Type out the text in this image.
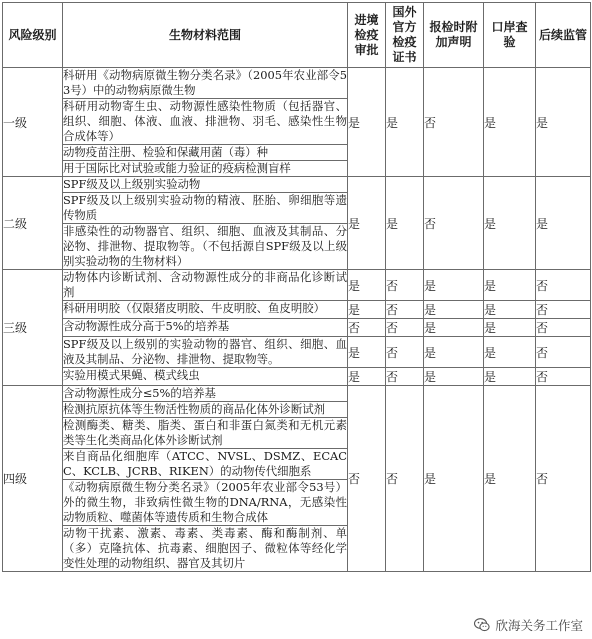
风险级别	生物材料范围	进境检疫审批	国外官方检疫证书	报检时附加声明	口岸查验	后续监管
一级	科研用《动物病原微生物分类名录》（2005年农业部令53号）中的动物病原微生物	是	是	否	是	是
	科研用动物寄生虫、动物源性感染性物质（包括器官、组织、细胞、体液、血液、排泄物、羽毛、感染性生物合成体等）					
	动物疫苗注册、检验和保藏用菌（毒）种					
	用于国际比对试验或能力验证的疫病检测盲样					
二级	SPF级及以上级别实验动物	是	是	否	是	是
	SPF级及以上级别实验动物的精液、胚胎、卵细胞等遗传物质					
	非感染性的动物器官、组织、细胞、血液及其制品、分泌物、排泄物、提取物等。（不包括源自SPF级及以上级别实验动物的生物材料）					
三级	动物体内诊断试剂、含动物源性成分的非商品化诊断试剂	是	否	是	是	否
	科研用明胶（仅限猪皮明胶、牛皮明胶、鱼皮明胶）	是	否	是	是	否
	含动物源性成分高于5%的培养基	否	否	是	是	否
	SPF级及以上级别的实验动物的器官、组织、细胞、血液及其制品、分泌物、排泄物、提取物等。	是	否	是	是	否
	实验用模式果蝇、模式线虫	是	否	是	是	否
四级	含动物源性成分≤5%的培养基	否	否	是	是	否
	检测抗原抗体等生物活性物质的商品化体外诊断试剂					
	检测酶类、糖类、脂类、蛋白和非蛋白氮类和无机元素类等生化类商品化体外诊断试剂					
	来自商品化细胞库（ATCC、NVSL、DSMZ、ECACC、KCLB、JCRB、RIKEN）的动物传代细胞系					
	《动物病原微生物分类名录》（2005年农业部令53号）外的微生物，非致病性微生物的DNA/RNA，无感染性动物质粒、噬菌体等遗传质和生物合成体					
	动物干扰素、激素、毒素、类毒素、酶和酶制剂、单（多）克隆抗体、抗毒素、细胞因子、微粒体等经化学变性处理的动物组织、器官及其切片					
欣海关务工作室
